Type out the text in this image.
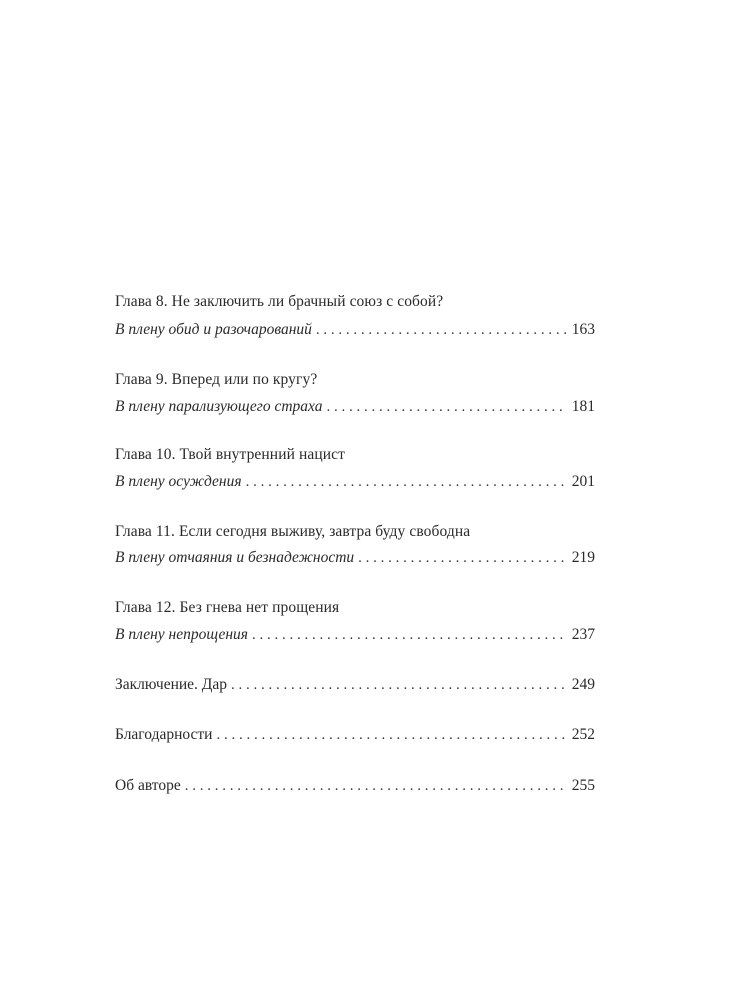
Глава 8. Не заключить ли брачный союз с собой?
В плену обид и разочарований . . .	163
Глава 9. Вперед или по кругу?
В плену парализующего страха . . .	181
Глава 10. Твой внутренний нацист
В плену осуждения . . .	201
Глава 11. Если сегодня выживу, завтра буду свободна
В плену отчаяния и безнадежности . . .	219
Глава 12. Без гнева нет прощения
В плену непрощения . . .	237
Заключение. Дар . . .	249
Благодарности . . .	252
Об авторе . . .	255
